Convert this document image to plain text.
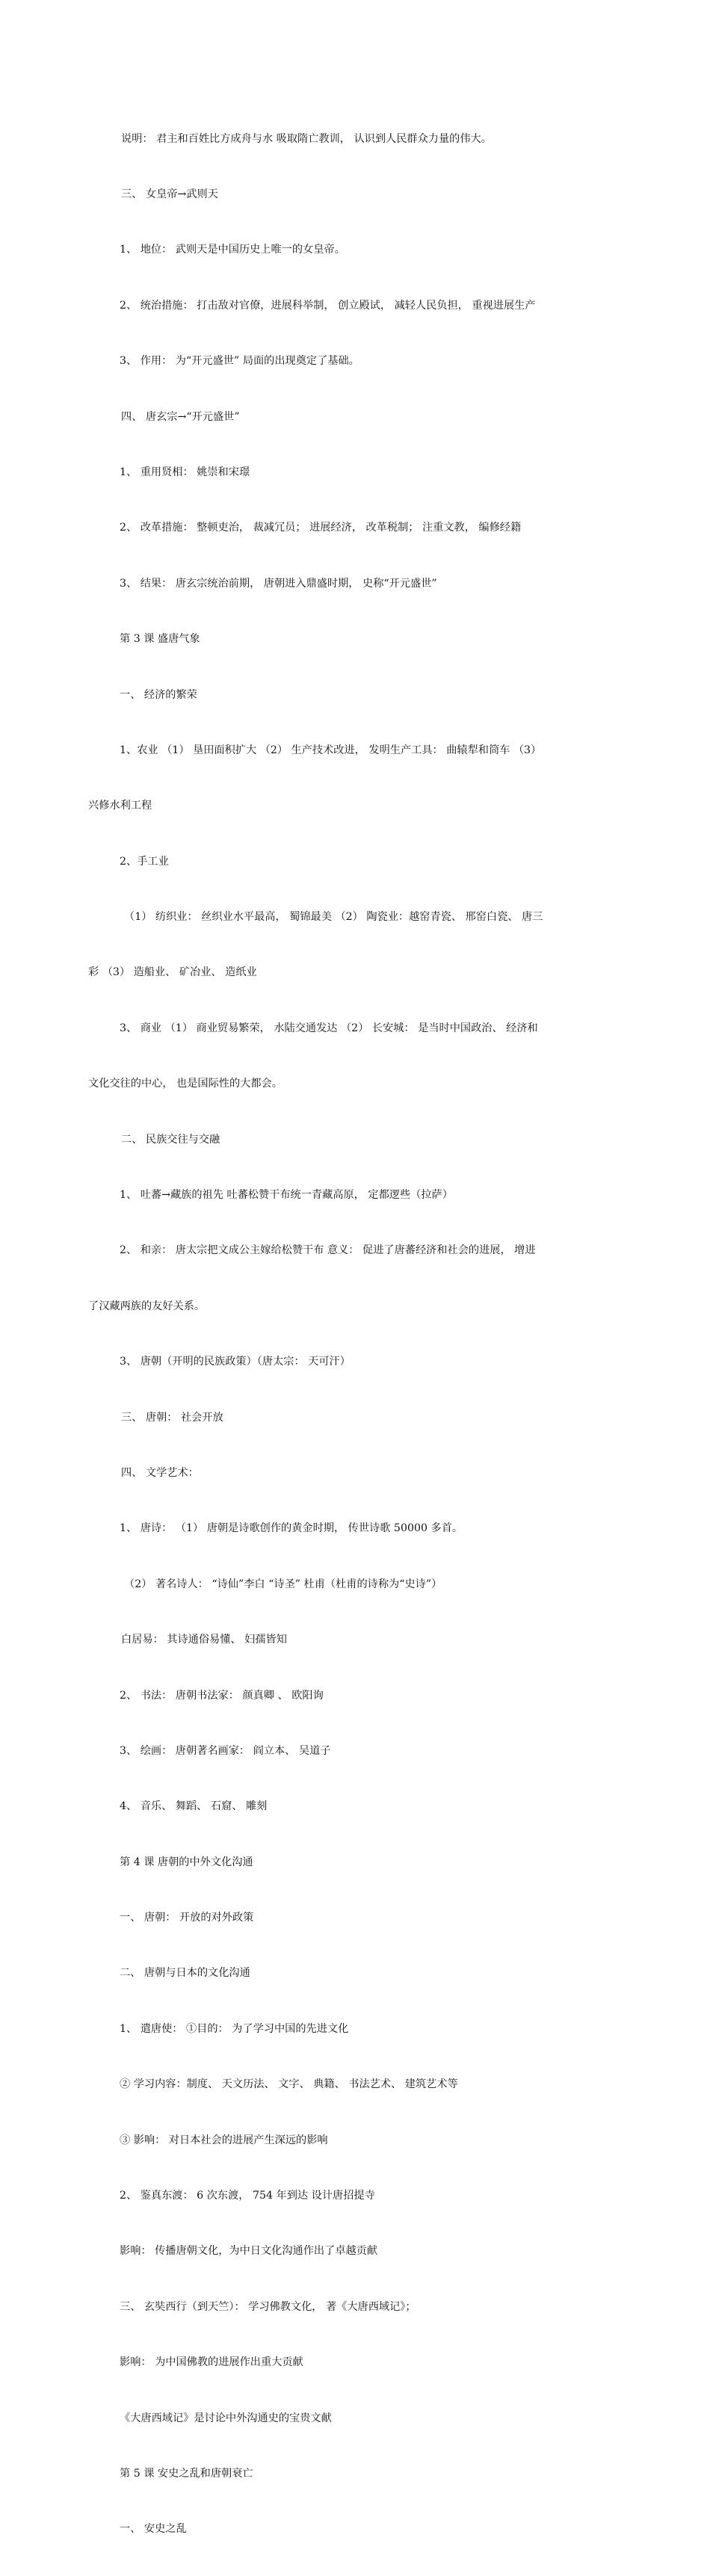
说明： 君主和百姓比方成舟与水 吸取隋亡教训， 认识到人民群众力量的伟大。

三、 女皇帝→武则天

1、 地位： 武则天是中国历史上唯一的女皇帝。

2、 统治措施： 打击敌对官僚，进展科举制， 创立殿试， 减轻人民负担， 重视进展生产

3、 作用： 为“开元盛世” 局面的出现奠定了基础。

四、 唐玄宗→“开元盛世”

1、 重用贤相： 姚崇和宋璟

2、 改革措施： 整顿吏治， 裁减冗员； 进展经济， 改革税制； 注重文教， 编修经籍

3、 结果： 唐玄宗统治前期， 唐朝进入鼎盛时期， 史称“开元盛世”

第 3 课 盛唐气象

一、 经济的繁荣

1、农业 （1） 垦田面积扩大 （2） 生产技术改进， 发明生产工具： 曲辕犁和筒车 （3）

兴修水利工程

2、手工业

（1） 纺织业： 丝织业水平最高， 蜀锦最美 （2） 陶瓷业：越窑青瓷、 邢窑白瓷、 唐三

彩 （3） 造船业、 矿冶业、 造纸业

3、 商业 （1） 商业贸易繁荣， 水陆交通发达 （2） 长安城： 是当时中国政治、 经济和

文化交往的中心， 也是国际性的大都会。

二、 民族交往与交融

1、 吐蕃→藏族的祖先 吐蕃松赞干布统一青藏高原， 定都逻些（拉萨）

2、 和亲： 唐太宗把文成公主嫁给松赞干布 意义： 促进了唐蕃经济和社会的进展， 增进

了汉藏两族的友好关系。

3、 唐朝（开明的民族政策）（唐太宗： 天可汗）

三、 唐朝： 社会开放

四、 文学艺术：

1、 唐诗： （1） 唐朝是诗歌创作的黄金时期， 传世诗歌 50000 多首。

（2） 著名诗人： “诗仙”李白 “诗圣” 杜甫（杜甫的诗称为“史诗”）

白居易： 其诗通俗易懂、 妇孺皆知

2、 书法： 唐朝书法家： 颜真卿 、 欧阳询

3、 绘画： 唐朝著名画家： 阎立本、 吴道子

4、 音乐、 舞蹈、 石窟、 雕刻

第 4 课 唐朝的中外文化沟通

一、 唐朝： 开放的对外政策

二、 唐朝与日本的文化沟通

1、 遣唐使： ①目的： 为了学习中国的先进文化

② 学习内容：制度、 天文历法、 文字、 典籍、 书法艺术、 建筑艺术等

③ 影响： 对日本社会的进展产生深远的影响

2、 鉴真东渡： 6 次东渡， 754 年到达 设计唐招提寺

影响： 传播唐朝文化，为中日文化沟通作出了卓越贡献

三、 玄奘西行（到天竺）： 学习佛教文化， 著《大唐西域记》；

影响： 为中国佛教的进展作出重大贡献

《大唐西域记》是讨论中外沟通史的宝贵文献

第 5 课 安史之乱和唐朝衰亡

一、 安史之乱
